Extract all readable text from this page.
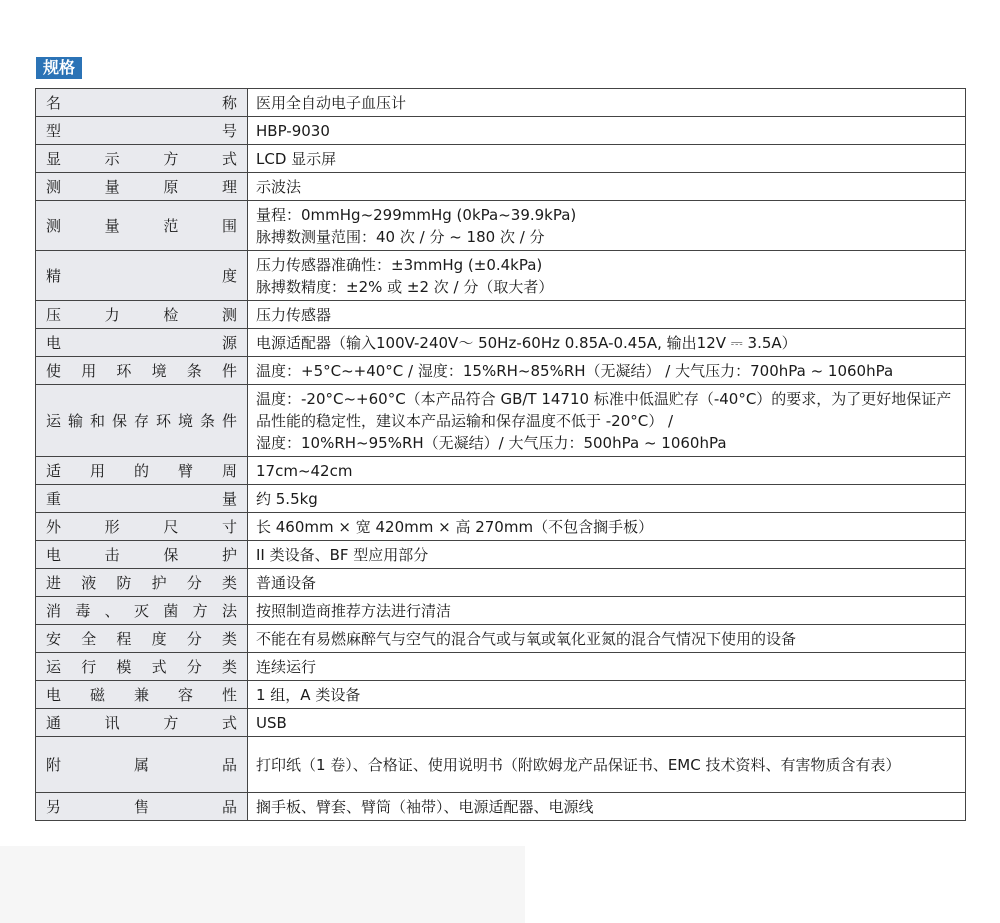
规格
名称	医用全自动电子血压计
型号	HBP-9030
显示方式	LCD 显示屏
测量原理	示波法
测量范围	量程：0mmHg~299mmHg (0kPa~39.9kPa)
脉搏数测量范围：40 次 / 分 ~ 180 次 / 分
精度	压力传感器准确性：±3mmHg (±0.4kPa)
脉搏数精度：±2% 或 ±2 次 / 分（取大者）
压力检测	压力传感器
电源	电源适配器（输入100V-240V～ 50Hz-60Hz 0.85A-0.45A, 输出12V ⎓ 3.5A）
使用环境条件	温度：+5°C~+40°C / 湿度：15%RH~85%RH（无凝结） / 大气压力：700hPa ~ 1060hPa
运输和保存环境条件	温度：-20°C~+60°C（本产品符合 GB/T 14710 标准中低温贮存（-40°C）的要求，为了更好地保证产品性能的稳定性，建议本产品运输和保存温度不低于 -20°C） /
湿度：10%RH~95%RH（无凝结）/ 大气压力：500hPa ~ 1060hPa
适用的臂周	17cm~42cm
重量	约 5.5kg
外形尺寸	长 460mm × 宽 420mm × 高 270mm（不包含搁手板）
电击保护	II 类设备、BF 型应用部分
进液防护分类	普通设备
消毒、灭菌方法	按照制造商推荐方法进行清洁
安全程度分类	不能在有易燃麻醉气与空气的混合气或与氧或氧化亚氮的混合气情况下使用的设备
运行模式分类	连续运行
电磁兼容性	1 组，A 类设备
通讯方式	USB
附属品	打印纸（1 卷）、合格证、使用说明书（附欧姆龙产品保证书、EMC 技术资料、有害物质含有表）
另售品	搁手板、臂套、臂筒（袖带）、电源适配器、电源线
